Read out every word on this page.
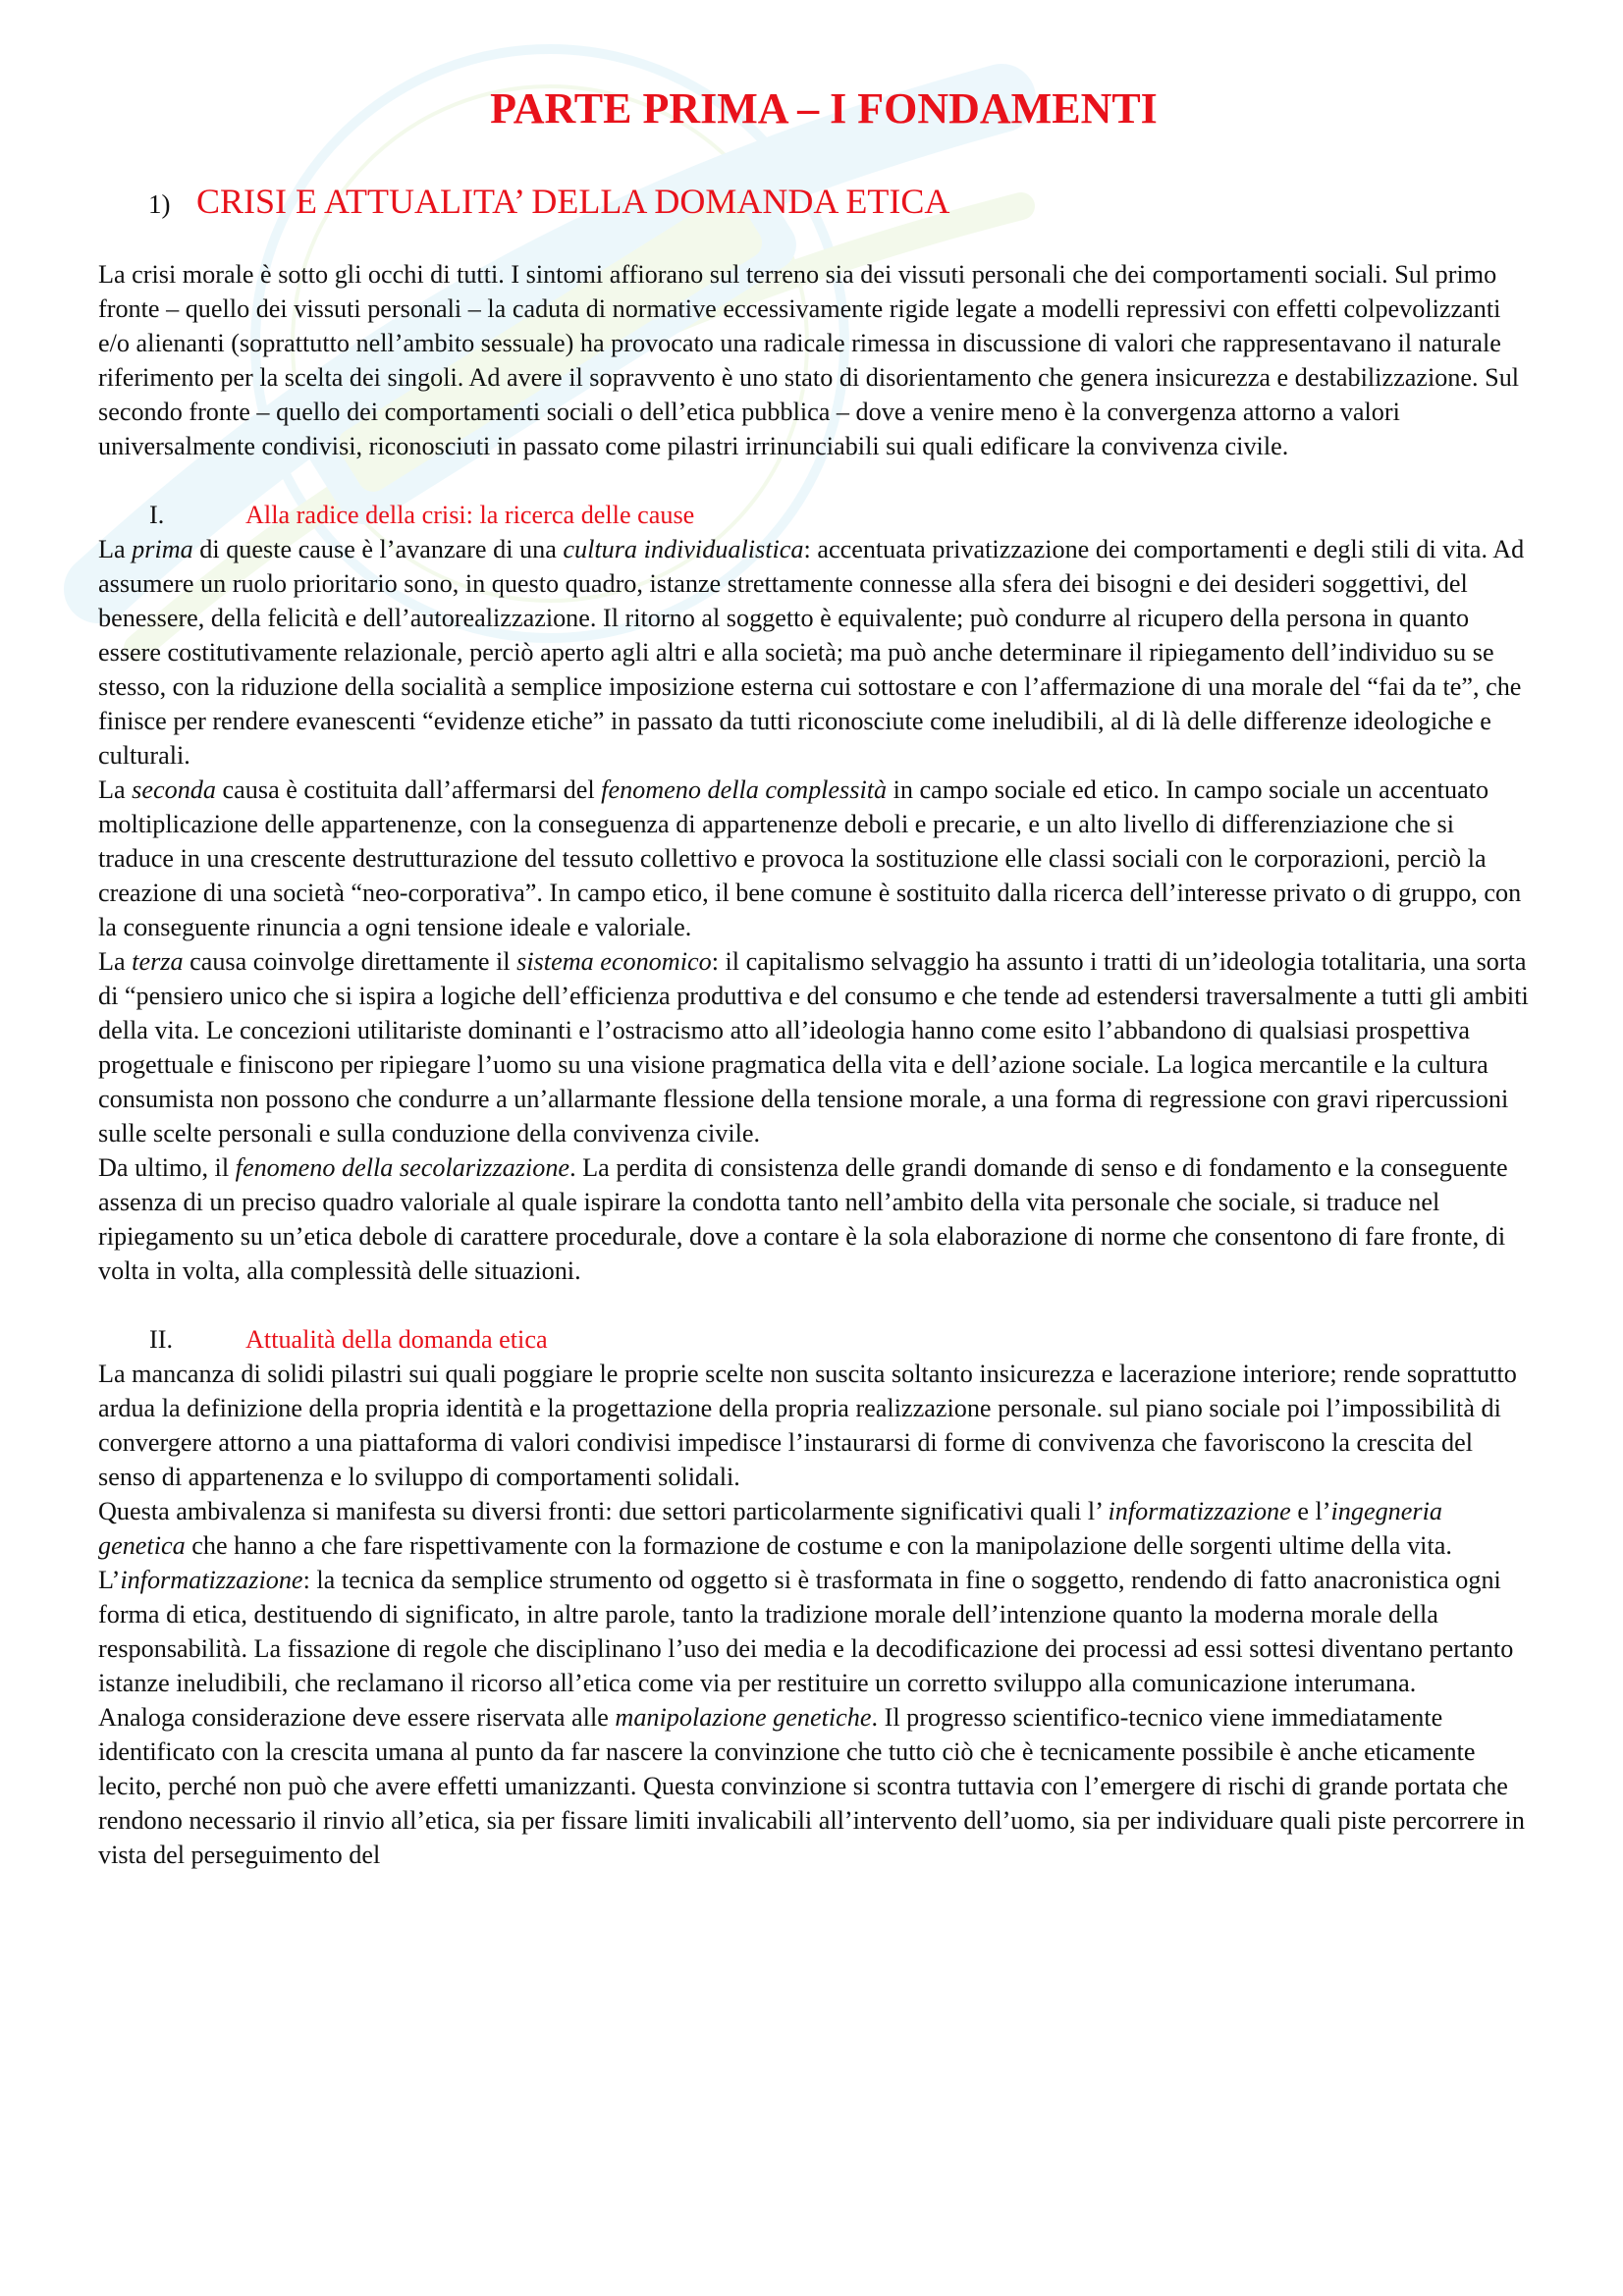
PARTE PRIMA – I FONDAMENTI
1) CRISI E ATTUALITA’ DELLA DOMANDA ETICA

La crisi morale è sotto gli occhi di tutti. I sintomi affiorano sul terreno sia dei vissuti personali che dei comportamenti sociali. Sul primo fronte – quello dei vissuti personali – la caduta di normative eccessivamente rigide legate a modelli repressivi con effetti colpevolizzanti e/o alienanti (soprattutto nell’ambito sessuale) ha provocato una radicale rimessa in discussione di valori che rappresentavano il naturale riferimento per la scelta dei singoli. Ad avere il sopravvento è uno stato di disorientamento che genera insicurezza e destabilizzazione. Sul secondo fronte – quello dei comportamenti sociali o dell’etica pubblica – dove a venire meno è la convergenza attorno a valori universalmente condivisi, riconosciuti in passato come pilastri irrinunciabili sui quali edificare la convivenza civile.

I.	Alla radice della crisi: la ricerca delle cause

La prima di queste cause è l’avanzare di una cultura individualistica: accentuata privatizzazione dei comportamenti e degli stili di vita. Ad assumere un ruolo prioritario sono, in questo quadro, istanze strettamente connesse alla sfera dei bisogni e dei desideri soggettivi, del benessere, della felicità e dell’autorealizzazione. Il ritorno al soggetto è equivalente; può condurre al ricupero della persona in quanto essere costitutivamente relazionale, perciò aperto agli altri e alla società; ma può anche determinare il ripiegamento dell’individuo su se stesso, con la riduzione della socialità a semplice imposizione esterna cui sottostare e con l’affermazione di una morale del “fai da te”, che finisce per rendere evanescenti “evidenze etiche” in passato da tutti riconosciute come ineludibili, al di là delle differenze ideologiche e culturali.

La seconda causa è costituita dall’affermarsi del fenomeno della complessità in campo sociale ed etico. In campo sociale un accentuato moltiplicazione delle appartenenze, con la conseguenza di appartenenze deboli e precarie, e un alto livello di differenziazione che si traduce in una crescente destrutturazione del tessuto collettivo e provoca la sostituzione elle classi sociali con le corporazioni, perciò la creazione di una società “neo-corporativa”. In campo etico, il bene comune è sostituito dalla ricerca dell’interesse privato o di gruppo, con la conseguente rinuncia a ogni tensione ideale e valoriale.

La terza causa coinvolge direttamente il sistema economico: il capitalismo selvaggio ha assunto i tratti di un’ideologia totalitaria, una sorta di “pensiero unico che si ispira a logiche dell’efficienza produttiva e del consumo e che tende ad estendersi traversalmente a tutti gli ambiti della vita. Le concezioni utilitariste dominanti e l’ostracismo atto all’ideologia hanno come esito l’abbandono di qualsiasi prospettiva progettuale e finiscono per ripiegare l’uomo su una visione pragmatica della vita e dell’azione sociale. La logica mercantile e la cultura consumista non possono che condurre a un’allarmante flessione della tensione morale, a una forma di regressione con gravi ripercussioni sulle scelte personali e sulla conduzione della convivenza civile.

Da ultimo, il fenomeno della secolarizzazione. La perdita di consistenza delle grandi domande di senso e di fondamento e la conseguente assenza di un preciso quadro valoriale al quale ispirare la condotta tanto nell’ambito della vita personale che sociale, si traduce nel ripiegamento su un’etica debole di carattere procedurale, dove a contare è la sola elaborazione di norme che consentono di fare fronte, di volta in volta, alla complessità delle situazioni.

II.	Attualità della domanda etica

La mancanza di solidi pilastri sui quali poggiare le proprie scelte non suscita soltanto insicurezza e lacerazione interiore; rende soprattutto ardua la definizione della propria identità e la progettazione della propria realizzazione personale. sul piano sociale poi l’impossibilità di convergere attorno a una piattaforma di valori condivisi impedisce l’instaurarsi di forme di convivenza che favoriscono la crescita del senso di appartenenza e lo sviluppo di comportamenti solidali.

Questa ambivalenza si manifesta su diversi fronti: due settori particolarmente significativi quali l’ informatizzazione e l’ingegneria genetica che hanno a che fare rispettivamente con la formazione de costume e con la manipolazione delle sorgenti ultime della vita.

L’informatizzazione: la tecnica da semplice strumento od oggetto si è trasformata in fine o soggetto, rendendo di fatto anacronistica ogni forma di etica, destituendo di significato, in altre parole, tanto la tradizione morale dell’intenzione quanto la moderna morale della responsabilità. La fissazione di regole che disciplinano l’uso dei media e la decodificazione dei processi ad essi sottesi diventano pertanto istanze ineludibili, che reclamano il ricorso all’etica come via per restituire un corretto sviluppo alla comunicazione interumana.

Analoga considerazione deve essere riservata alle manipolazione genetiche. Il progresso scientifico-tecnico viene immediatamente identificato con la crescita umana al punto da far nascere la convinzione che tutto ciò che è tecnicamente possibile è anche eticamente lecito, perché non può che avere effetti umanizzanti. Questa convinzione si scontra tuttavia con l’emergere di rischi di grande portata che rendono necessario il rinvio all’etica, sia per fissare limiti invalicabili all’intervento dell’uomo, sia per individuare quali piste percorrere in vista del perseguimento del
